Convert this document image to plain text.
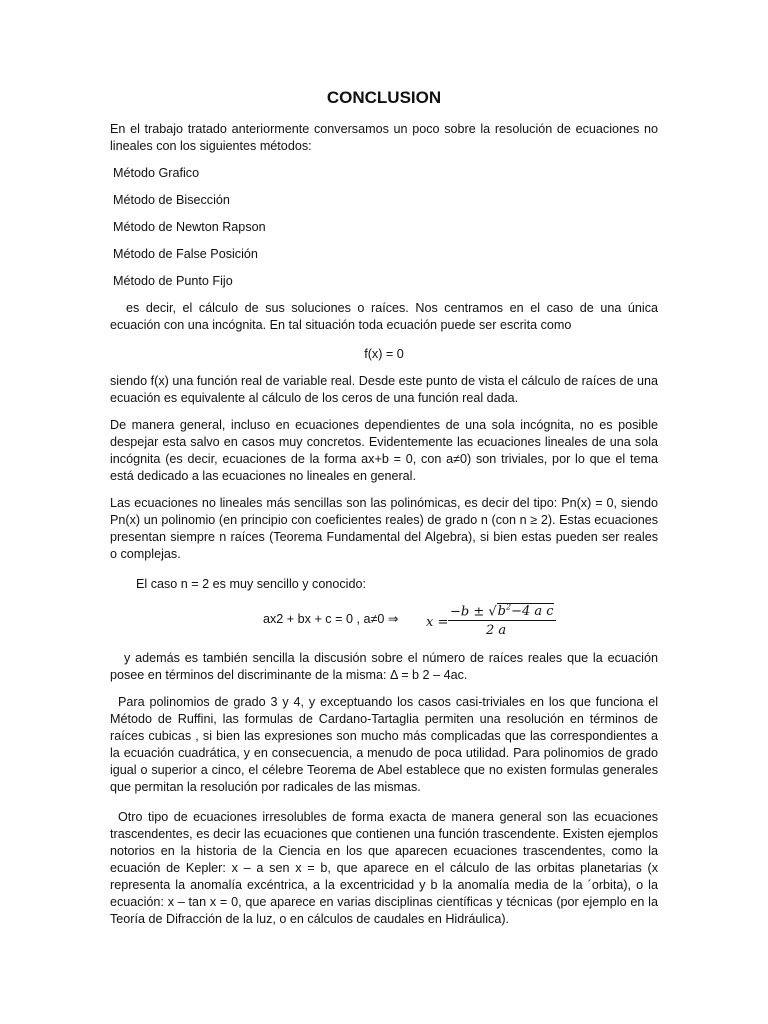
CONCLUSION

En el trabajo tratado anteriormente conversamos un poco sobre la resolución de ecuaciones no lineales con los siguientes métodos:

Método Grafico

Método de Bisección

Método de Newton Rapson

Método de False Posición

Método de Punto Fijo

es decir, el cálculo de sus soluciones o raíces. Nos centramos en el caso de una única ecuación con una incógnita. En tal situación toda ecuación puede ser escrita como

f(x) = 0

siendo f(x) una función real de variable real. Desde este punto de vista el cálculo de raíces de una ecuación es equivalente al cálculo de los ceros de una función real dada.

De manera general, incluso en ecuaciones dependientes de una sola incógnita, no es posible despejar esta salvo en casos muy concretos. Evidentemente las ecuaciones lineales de una sola incógnita (es decir, ecuaciones de la forma ax+b = 0, con a≠0) son triviales, por lo que el tema está dedicado a las ecuaciones no lineales en general.

Las ecuaciones no lineales más sencillas son las polinómicas, es decir del tipo: Pn(x) = 0, siendo Pn(x) un polinomio (en principio con coeficientes reales) de grado n (con n ≥ 2). Estas ecuaciones presentan siempre n raíces (Teorema Fundamental del Algebra), si bien estas pueden ser reales o complejas.

El caso n = 2 es muy sencillo y conocido:

ax2 + bx + c = 0 , a≠0 ⇒ x =
$-b \pm √b^2-4$ a c
2 a

y además es también sencilla la discusión sobre el número de raíces reales que la ecuación posee en términos del discriminante de la misma: Δ = b 2 – 4ac.

Para polinomios de grado 3 y 4, y exceptuando los casos casi-triviales en los que funciona el Método de Ruffini, las formulas de Cardano-Tartaglia permiten una resolución en términos de raíces cubicas , si bien las expresiones son mucho más complicadas que las correspondientes a la ecuación cuadrática, y en consecuencia, a menudo de poca utilidad. Para polinomios de grado igual o superior a cinco, el célebre Teorema de Abel establece que no existen formulas generales que permitan la resolución por radicales de las mismas.

Otro tipo de ecuaciones irresolubles de forma exacta de manera general son las ecuaciones trascendentes, es decir las ecuaciones que contienen una función trascendente. Existen ejemplos notorios en la historia de la Ciencia en los que aparecen ecuaciones trascendentes, como la ecuación de Kepler: x – a sen x = b, que aparece en el cálculo de las orbitas planetarias (x representa la anomalía excéntrica, a la excentricidad y b la anomalía media de la ´orbita), o la ecuación: x – tan x = 0, que aparece en varias disciplinas científicas y técnicas (por ejemplo en la Teoría de Difracción de la luz, o en cálculos de caudales en Hidráulica).
